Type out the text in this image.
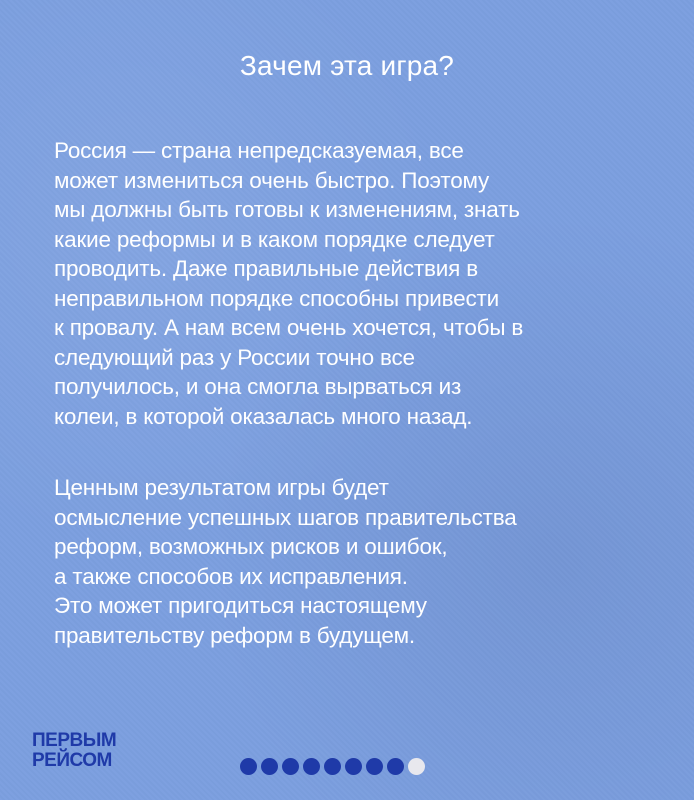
Зачем эта игра?

Россия — страна непредсказуемая, все
может измениться очень быстро. Поэтому
мы должны быть готовы к изменениям, знать
какие реформы и в каком порядке следует
проводить. Даже правильные действия в
неправильном порядке способны привести
к провалу. А нам всем очень хочется, чтобы в
следующий раз у России точно все
получилось, и она смогла вырваться из
колеи, в которой оказалась много назад.

Ценным результатом игры будет
осмысление успешных шагов правительства
реформ, возможных рисков и ошибок,
а также способов их исправления.
Это может пригодиться настоящему
правительству реформ в будущем.

ПЕРВЫМ
РЕЙСОМ
